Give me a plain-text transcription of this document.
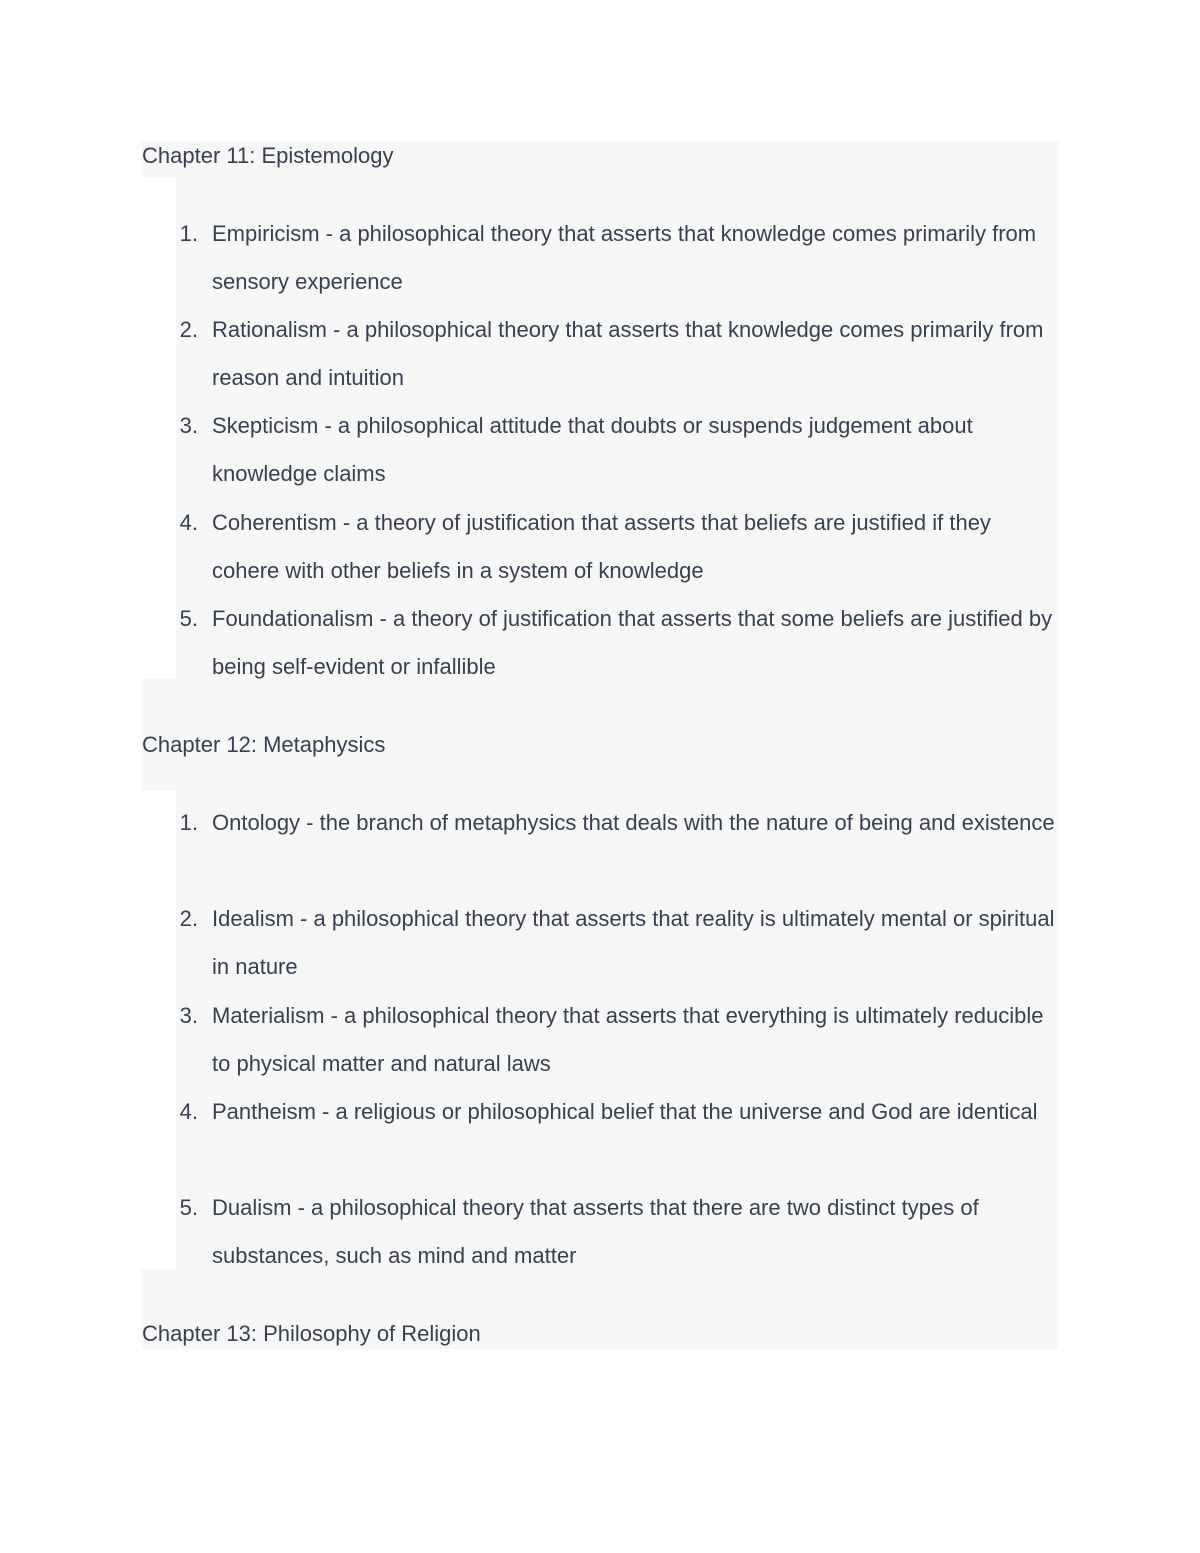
Chapter 11: Epistemology
1. Empiricism - a philosophical theory that asserts that knowledge comes primarily from sensory experience
2. Rationalism - a philosophical theory that asserts that knowledge comes primarily from reason and intuition
3. Skepticism - a philosophical attitude that doubts or suspends judgement about knowledge claims
4. Coherentism - a theory of justification that asserts that beliefs are justified if they cohere with other beliefs in a system of knowledge
5. Foundationalism - a theory of justification that asserts that some beliefs are justified by being self-evident or infallible
Chapter 12: Metaphysics
1. Ontology - the branch of metaphysics that deals with the nature of being and existence
2. Idealism - a philosophical theory that asserts that reality is ultimately mental or spiritual in nature
3. Materialism - a philosophical theory that asserts that everything is ultimately reducible to physical matter and natural laws
4. Pantheism - a religious or philosophical belief that the universe and God are identical
5. Dualism - a philosophical theory that asserts that there are two distinct types of substances, such as mind and matter
Chapter 13: Philosophy of Religion
